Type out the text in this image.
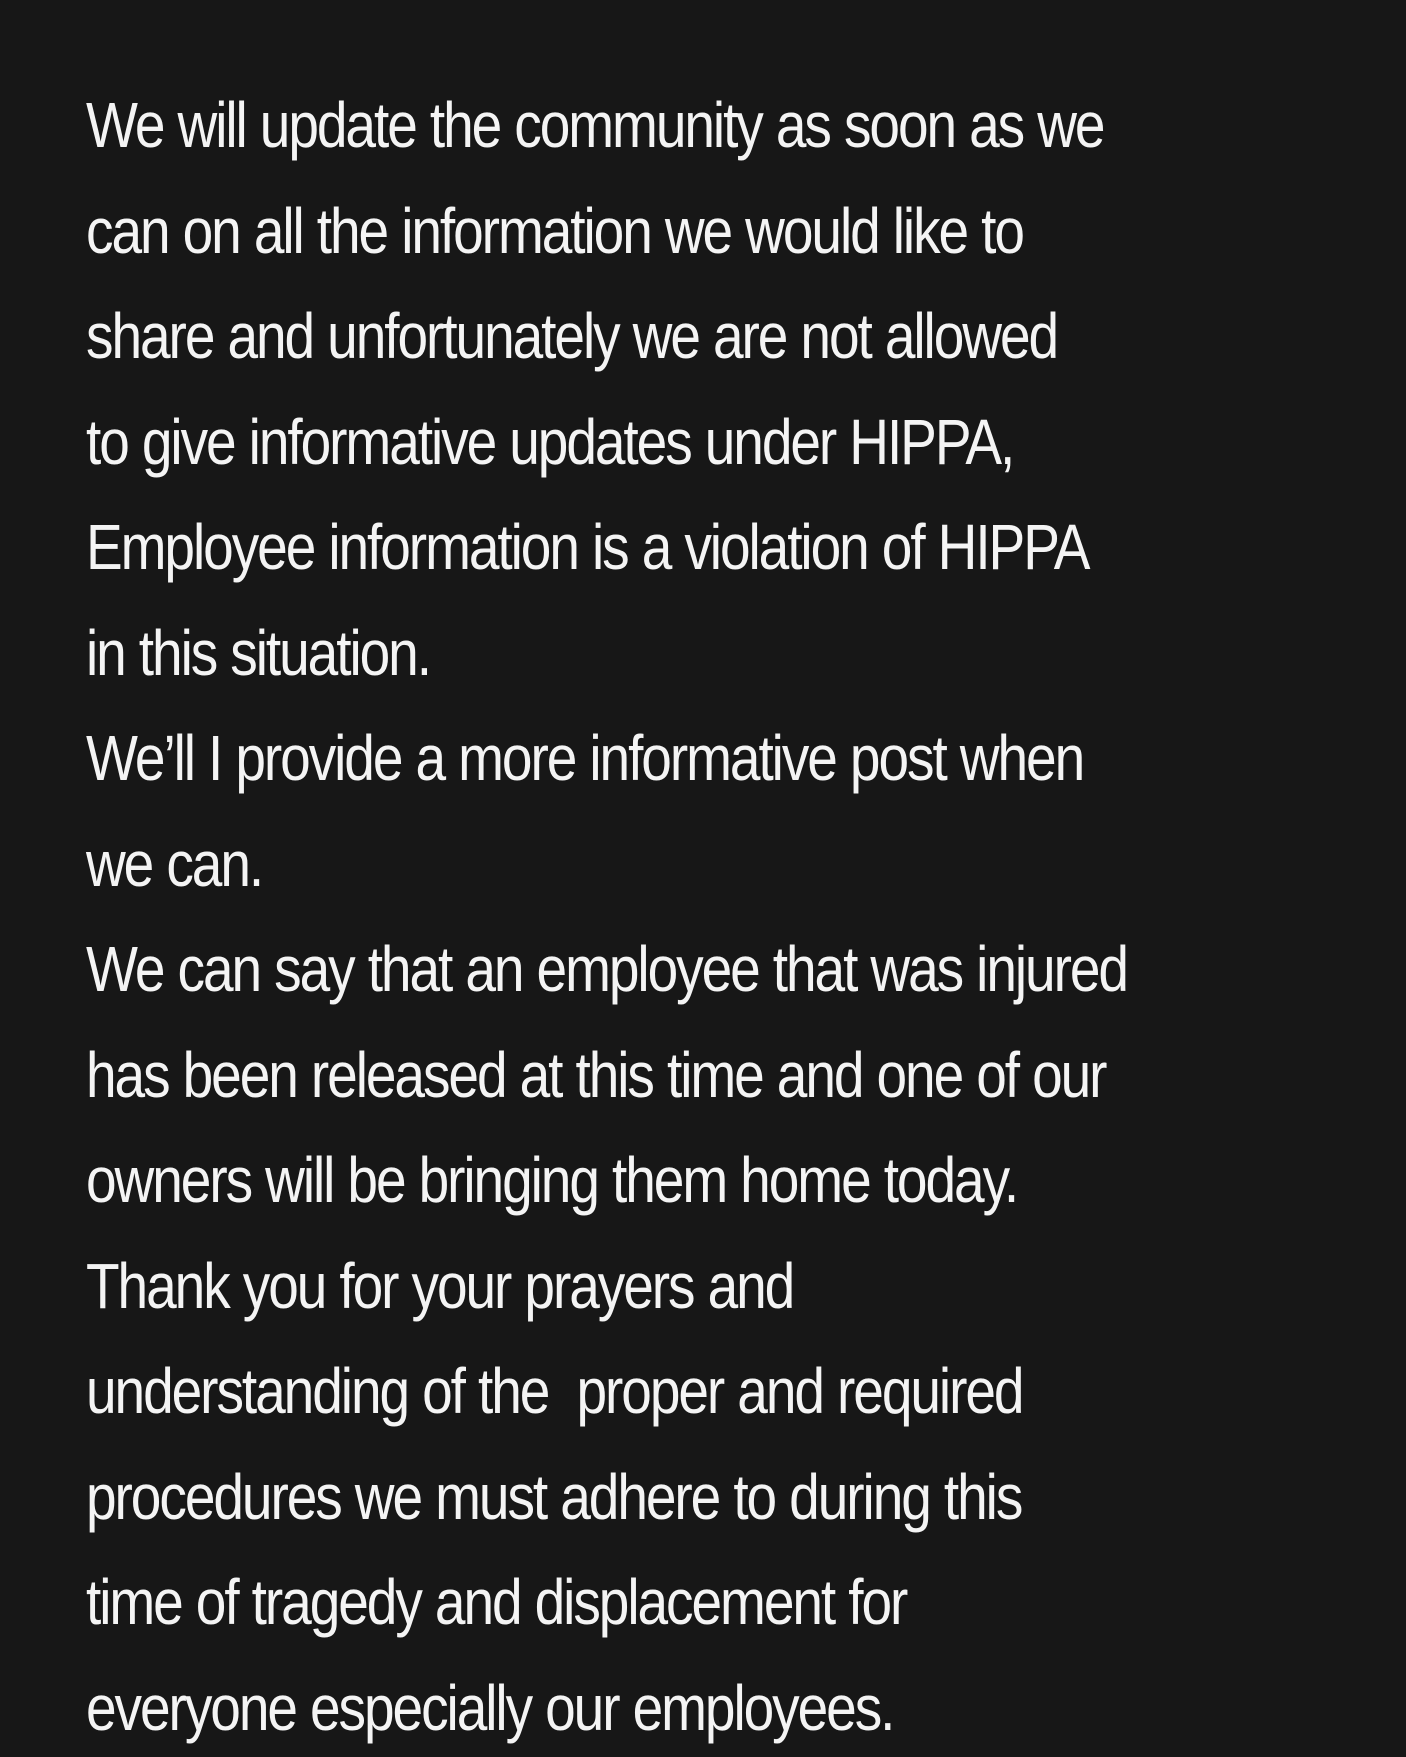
We will update the community as soon as we
can on all the information we would like to
share and unfortunately we are not allowed
to give informative updates under HIPPA,
Employee information is a violation of HIPPA
in this situation.
We’ll I provide a more informative post when
we can.
We can say that an employee that was injured
has been released at this time and one of our
owners will be bringing them home today.
Thank you for your prayers and
understanding of the  proper and required
procedures we must adhere to during this
time of tragedy and displacement for
everyone especially our employees.
